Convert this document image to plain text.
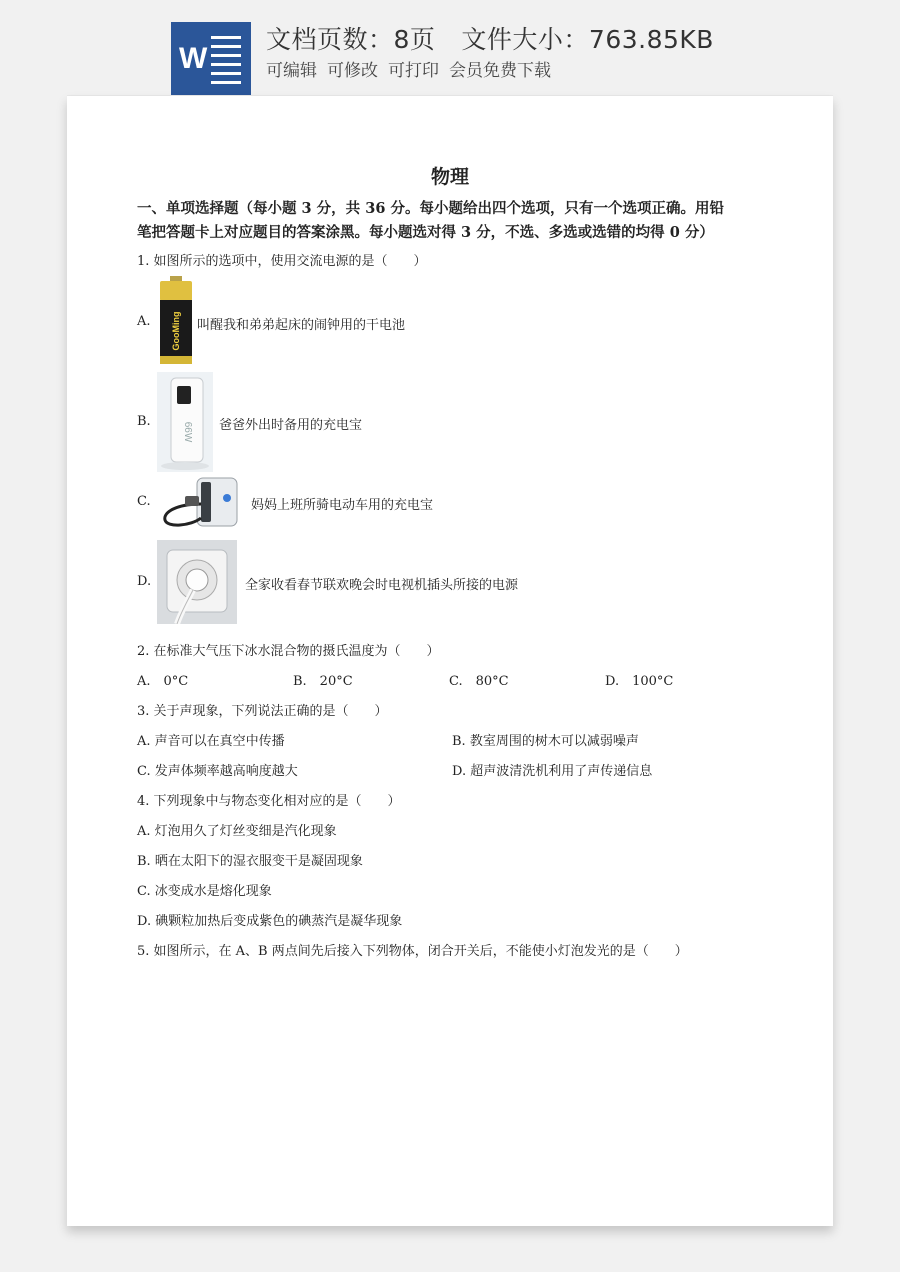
W
文档页数：8页 文件大小：763.85KB
可编辑 可修改 可打印 会员免费下载
物理
一、单项选择题（每小题 3 分，共 36 分。每小题给出四个选项，只有一个选项正确。用铅
笔把答题卡上对应题目的答案涂黑。每小题选对得 3 分，不选、多选或选错的均得 0 分）
1. 如图所示的选项中，使用交流电源的是（　　）
A. GooMing 叫醒我和弟弟起床的闹钟用的干电池
B.
66W 爸爸外出时备用的充电宝
C.	妈妈上班所骑电动车用的充电宝
D.	全家收看春节联欢晚会时电视机插头所接的电源
2. 在标准大气压下冰水混合物的摄氏温度为（　　）
A.　0°C	B.　20°C	C.　80°C	D.　100°C
3. 关于声现象，下列说法正确的是（　　）
A. 声音可以在真空中传播	B. 教室周围的树木可以减弱噪声
C. 发声体频率越高响度越大	D. 超声波清洗机利用了声传递信息
4. 下列现象中与物态变化相对应的是（　　）
A. 灯泡用久了灯丝变细是汽化现象
B. 晒在太阳下的湿衣服变干是凝固现象
C. 冰变成水是熔化现象
D. 碘颗粒加热后变成紫色的碘蒸汽是凝华现象
5. 如图所示，在 A、B 两点间先后接入下列物体，闭合开关后，不能使小灯泡发光的是（　　）
